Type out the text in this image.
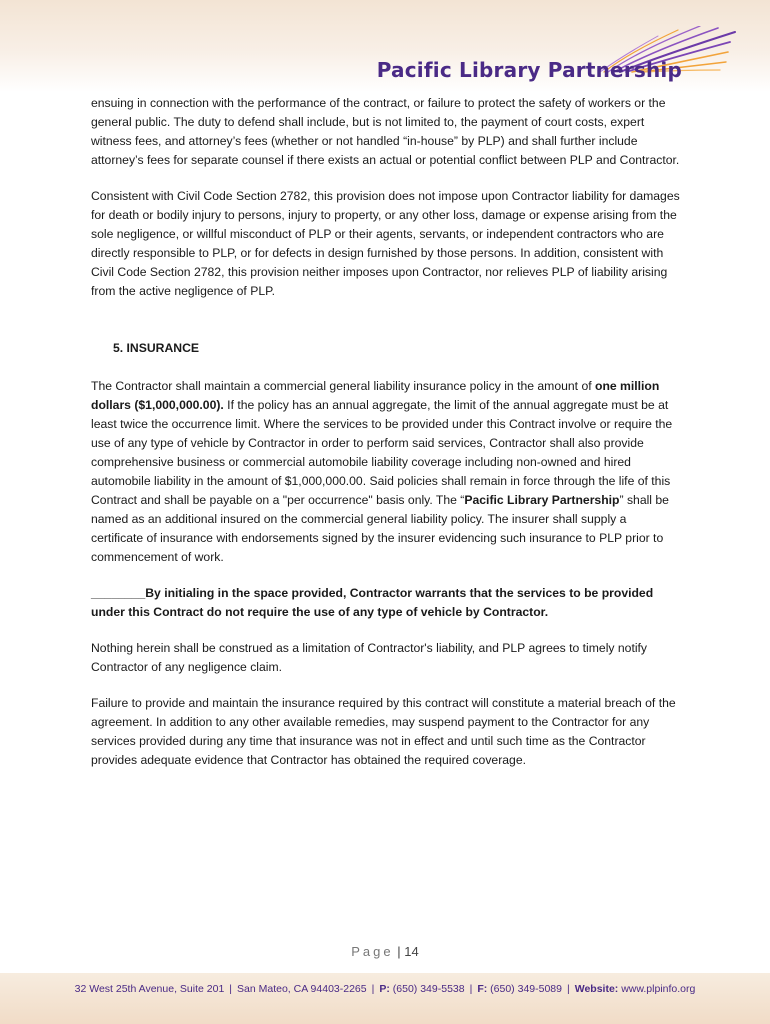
Pacific Library Partnership

ensuing in connection with the performance of the contract, or failure to protect the safety of workers or the general public. The duty to defend shall include, but is not limited to, the payment of court costs, expert witness fees, and attorney’s fees (whether or not handled “in-house” by PLP) and shall further include attorney’s fees for separate counsel if there exists an actual or potential conflict between PLP and Contractor.

Consistent with Civil Code Section 2782, this provision does not impose upon Contractor liability for damages for death or bodily injury to persons, injury to property, or any other loss, damage or expense arising from the sole negligence, or willful misconduct of PLP or their agents, servants, or independent contractors who are directly responsible to PLP, or for defects in design furnished by those persons. In addition, consistent with Civil Code Section 2782, this provision neither imposes upon Contractor, nor relieves PLP of liability arising from the active negligence of PLP.

5. INSURANCE

The Contractor shall maintain a commercial general liability insurance policy in the amount of one million dollars ($1,000,000.00). If the policy has an annual aggregate, the limit of the annual aggregate must be at least twice the occurrence limit. Where the services to be provided under this Contract involve or require the use of any type of vehicle by Contractor in order to perform said services, Contractor shall also provide comprehensive business or commercial automobile liability coverage including non-owned and hired automobile liability in the amount of $1,000,000.00. Said policies shall remain in force through the life of this Contract and shall be payable on a "per occurrence" basis only. The “Pacific Library Partnership” shall be named as an additional insured on the commercial general liability policy. The insurer shall supply a certificate of insurance with endorsements signed by the insurer evidencing such insurance to PLP prior to commencement of work.

________By initialing in the space provided, Contractor warrants that the services to be provided under this Contract do not require the use of any type of vehicle by Contractor.

Nothing herein shall be construed as a limitation of Contractor's liability, and PLP agrees to timely notify Contractor of any negligence claim.

Failure to provide and maintain the insurance required by this contract will constitute a material breach of the agreement. In addition to any other available remedies, may suspend payment to the Contractor for any services provided during any time that insurance was not in effect and until such time as the Contractor provides adequate evidence that Contractor has obtained the required coverage.

Page | 14
32 West 25th Avenue, Suite 201 | San Mateo, CA 94403-2265 | P: (650) 349-5538 | F: (650) 349-5089 | Website: www.plpinfo.org
